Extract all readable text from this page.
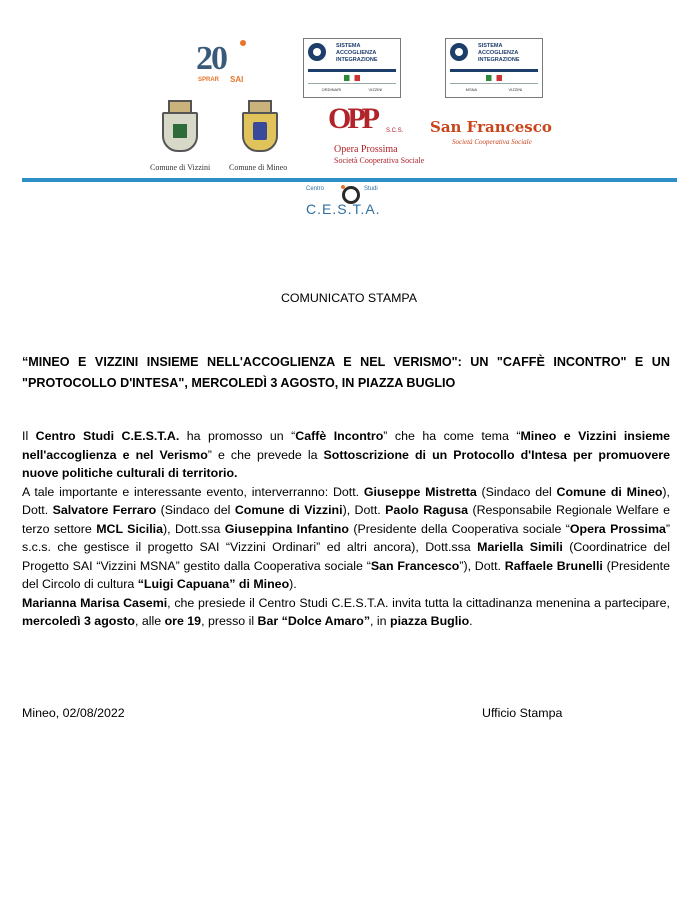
20
SPRAR SAI
SISTEMA ACCOGLIENZA INTEGRAZIONE
ORDINARI	VIZZINI
SISTEMA ACCOGLIENZA INTEGRAZIONE
MSNA	VIZZINI
Comune di Vizzini Comune di Mineo
OPP S.C.S.
Opera Prossima
Società Cooperativa Sociale
San Francesco
Società Cooperativa Sociale
Centro	Studi
C.E.S.T.A.
COMUNICATO STAMPA
“MINEO E VIZZINI INSIEME NELL'ACCOGLIENZA E NEL VERISMO": UN "CAFFÈ INCONTRO" E UN "PROTOCOLLO D'INTESA", MERCOLEDÌ 3 AGOSTO, IN PIAZZA BUGLIO

Il Centro Studi C.E.S.T.A. ha promosso un “Caffè Incontro” che ha come tema “Mineo e Vizzini insieme nell'accoglienza e nel Verismo” e che prevede la Sottoscrizione di un Protocollo d'Intesa per promuovere nuove politiche culturali di territorio.

A tale importante e interessante evento, interverranno: Dott. Giuseppe Mistretta (Sindaco del Comune di Mineo), Dott. Salvatore Ferraro (Sindaco del Comune di Vizzini), Dott. Paolo Ragusa (Responsabile Regionale Welfare e terzo settore MCL Sicilia), Dott.ssa Giuseppina Infantino (Presidente della Cooperativa sociale “Opera Prossima” s.c.s. che gestisce il progetto SAI “Vizzini Ordinari” ed altri ancora), Dott.ssa Mariella Simili (Coordinatrice del Progetto SAI “Vizzini MSNA” gestito dalla Cooperativa sociale “San Francesco”), Dott. Raffaele Brunelli (Presidente del Circolo di cultura “Luigi Capuana” di Mineo).

Marianna Marisa Casemi, che presiede il Centro Studi C.E.S.T.A. invita tutta la cittadinanza menenina a partecipare, mercoledì 3 agosto, alle ore 19, presso il Bar “Dolce Amaro”, in piazza Buglio.

Mineo, 02/08/2022	Ufficio Stampa
